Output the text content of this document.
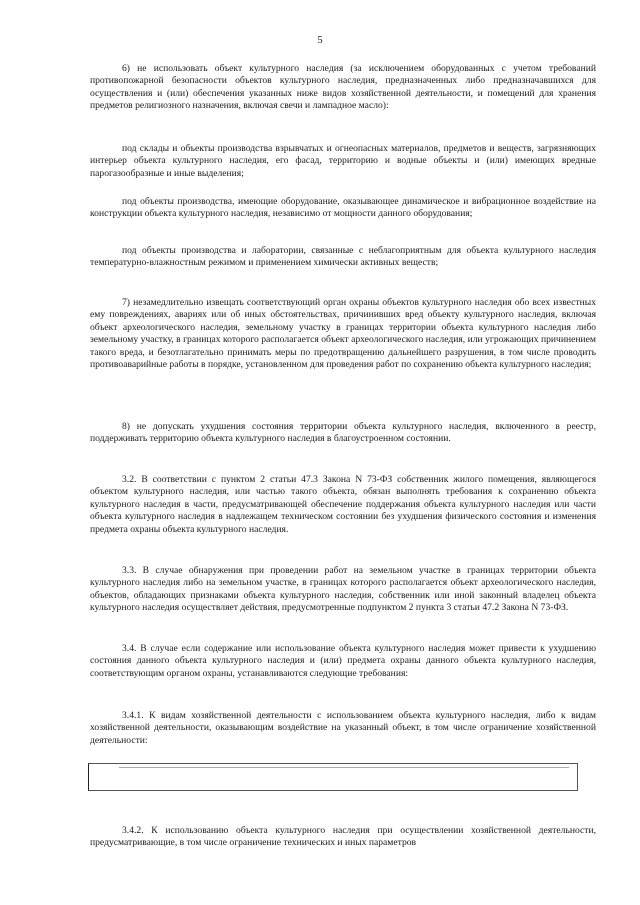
5

6) не использовать объект культурного наследия (за исключением оборудованных с учетом требований противопожарной безопасности объектов культурного наследия, предназначенных либо предназначавшихся для осуществления и (или) обеспечения указанных ниже видов хозяйственной деятельности, и помещений для хранения предметов религиозного назначения, включая свечи и лампадное масло):

под склады и объекты производства взрывчатых и огнеопасных материалов, предметов и веществ, загрязняющих интерьер объекта культурного наследия, его фасад, территорию и водные объекты и (или) имеющих вредные парогазообразные и иные выделения;

под объекты производства, имеющие оборудование, оказывающее динамическое и вибрационное воздействие на конструкции объекта культурного наследия, независимо от мощности данного оборудования;

под объекты производства и лаборатории, связанные с неблагоприятным для объекта культурного наследия температурно-влажностным режимом и применением химически активных веществ;

7) незамедлительно извещать соответствующий орган охраны объектов культурного наследия обо всех известных ему повреждениях, авариях или об иных обстоятельствах, причинивших вред объекту культурного наследия, включая объект археологического наследия, земельному участку в границах территории объекта культурного наследия либо земельному участку, в границах которого располагается объект археологического наследия, или угрожающих причинением такого вреда, и безотлагательно принимать меры по предотвращению дальнейшего разрушения, в том числе проводить противоаварийные работы в порядке, установленном для проведения работ по сохранению объекта культурного наследия;

8) не допускать ухудшения состояния территории объекта культурного наследия, включенного в реестр, поддерживать территорию объекта культурного наследия в благоустроенном состоянии.

3.2. В соответствии с пунктом 2 статьи 47.3 Закона N 73-ФЗ собственник жилого помещения, являющегося объектом культурного наследия, или частью такого объекта, обязан выполнять требования к сохранению объекта культурного наследия в части, предусматривающей обеспечение поддержания объекта культурного наследия или части объекта культурного наследия в надлежащем техническом состоянии без ухудшения физического состояния и изменения предмета охраны объекта культурного наследия.

3.3. В случае обнаружения при проведении работ на земельном участке в границах территории объекта культурного наследия либо на земельном участке, в границах которого располагается объект археологического наследия, объектов, обладающих признаками объекта культурного наследия, собственник или иной законный владелец объекта культурного наследия осуществляет действия, предусмотренные подпунктом 2 пункта 3 статьи 47.2 Закона N 73-ФЗ.

3.4. В случае если содержание или использование объекта культурного наследия может привести к ухудшению состояния данного объекта культурного наследия и (или) предмета охраны данного объекта культурного наследия, соответствующим органом охраны, устанавливаются следующие требования:

3.4.1. К видам хозяйственной деятельности с использованием объекта культурного наследия, либо к видам хозяйственной деятельности, оказывающим воздействие на указанный объект, в том числе ограничение хозяйственной деятельности:

3.4.2. К использованию объекта культурного наследия при осуществлении хозяйственной деятельности, предусматривающие, в том числе ограничение технических и иных параметров
